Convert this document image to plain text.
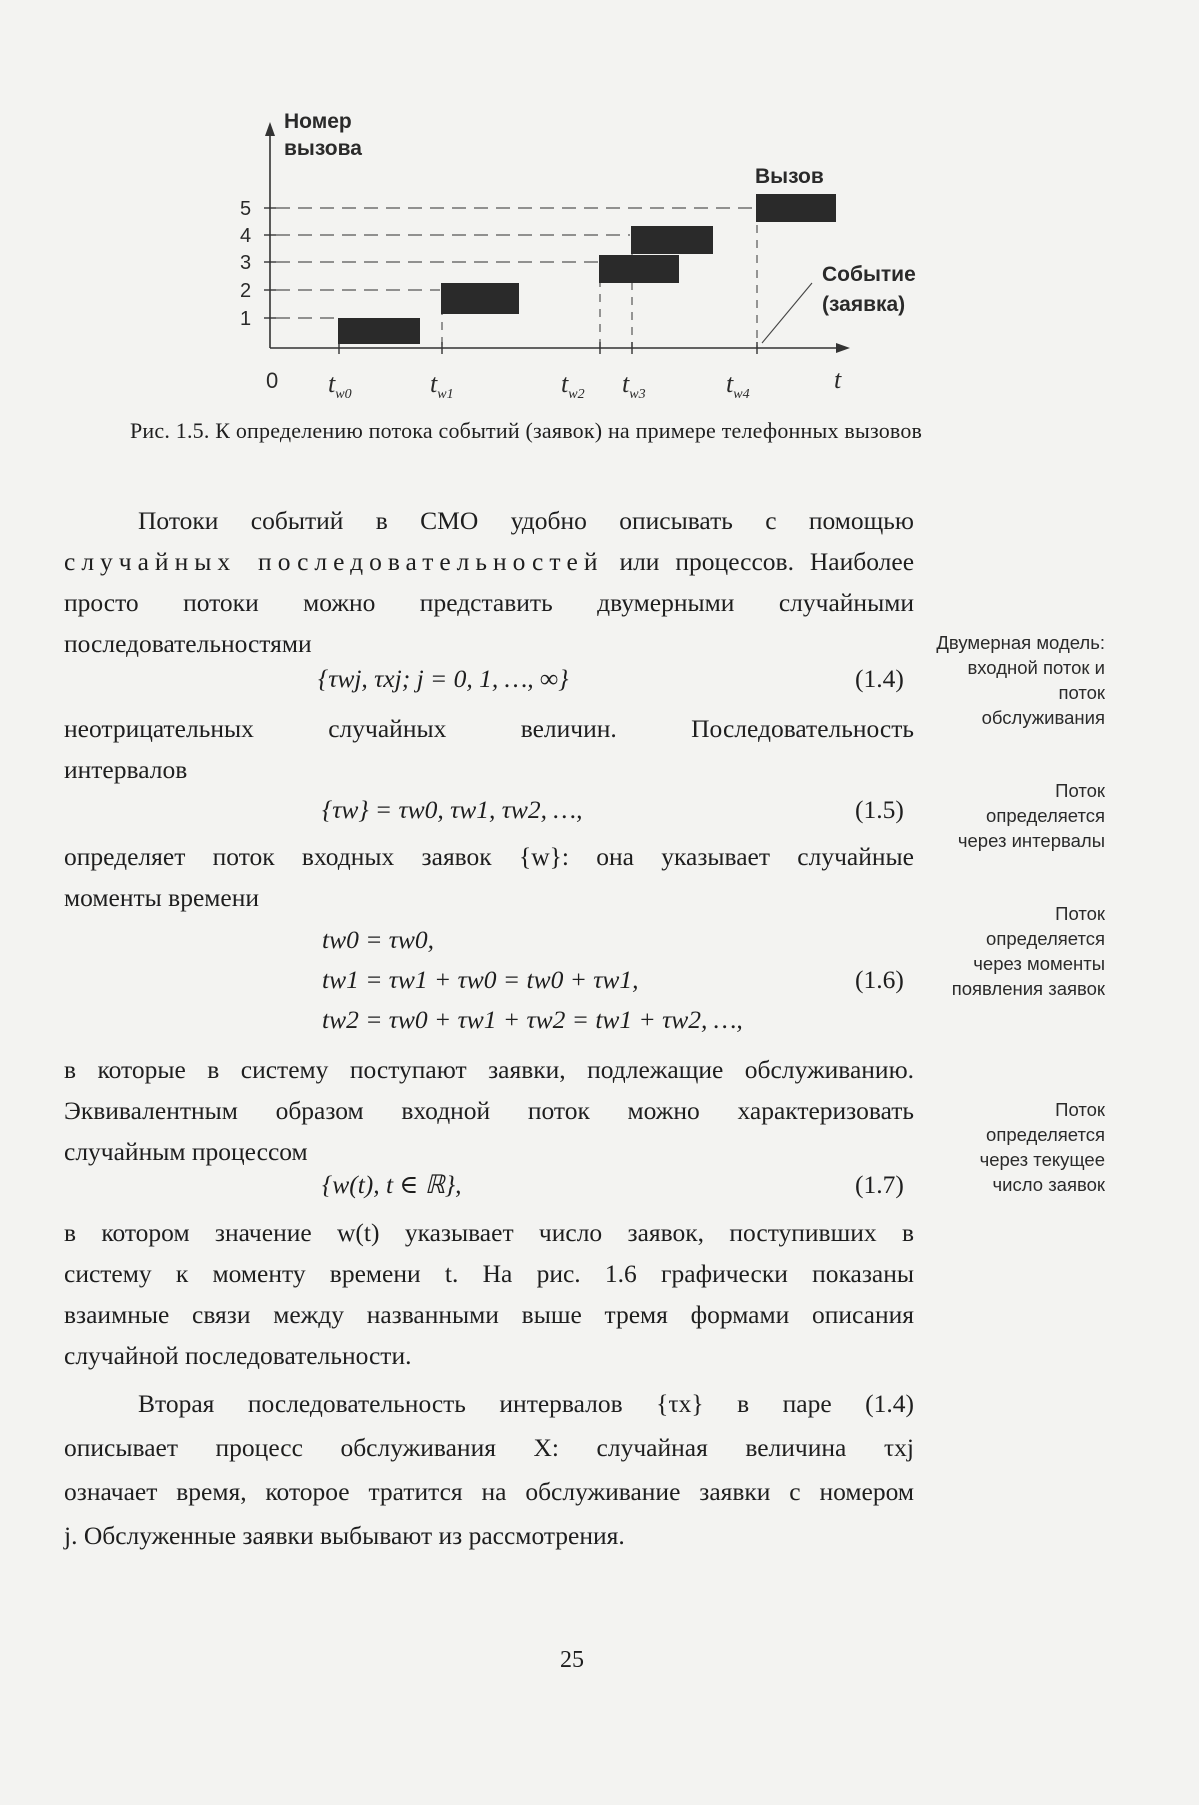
Номер
вызова
5
4
3
2
1
0 $t_{w0}$	$t_{w1}$	$t_{w2}$ $t_{w3}$	$t_{w4}$
t
Вызов
Событие
(заявка)
Рис. 1.5. К определению потока событий (заявок) на примере телефонных вызовов
Потоки событий в СМО удобно описывать с помощью
случайных последовательностей или процессов. Наиболее
просто потоки можно представить двумерными случайными
последовательностями
{τwj, τxj; j = 0, 1, …, ∞}	(1.4)
неотрицательных случайных величин. Последовательность
интервалов
{τw} = τw0, τw1, τw2, …,	(1.5)
определяет поток входных заявок {w}: она указывает случайные
моменты времени
tw0 = τw0,
tw1 = τw1 + τw0 = tw0 + τw1,
tw2 = τw0 + τw1 + τw2 = tw1 + τw2, …,
(1.6)
в которые в систему поступают заявки, подлежащие обслуживанию.
Эквивалентным образом входной поток можно характеризовать
случайным процессом
{w(t), t ∈ ℝ},	(1.7)
в котором значение w(t) указывает число заявок, поступивших в
систему к моменту времени t. На рис. 1.6 графически показаны
взаимные связи между названными выше тремя формами описания
случайной последовательности.
Вторая последовательность интервалов {τx} в паре (1.4)
описывает процесс обслуживания X: случайная величина τxj
означает время, которое тратится на обслуживание заявки с номером
j. Обслуженные заявки выбывают из рассмотрения.
Двумерная модель: входной поток и поток обслуживания
Поток определяется через интервалы
Поток определяется через моменты появления заявок
Поток определяется через текущее число заявок
25
